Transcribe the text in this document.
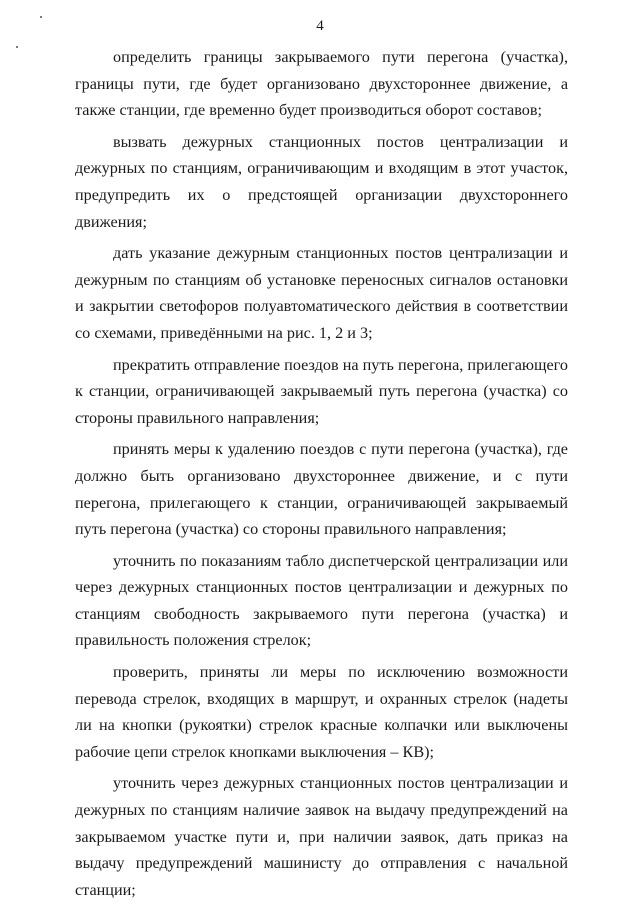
4

определить границы закрываемого пути перегона (участка), границы пути, где будет организовано двухстороннее движение, а также станции, где временно будет производиться оборот составов;

вызвать дежурных станционных постов централизации и дежурных по станциям, ограничивающим и входящим в этот участок, предупредить их о предстоящей организации двухстороннего движения;

дать указание дежурным станционных постов централизации и дежурным по станциям об установке переносных сигналов остановки и закрытии светофоров полуавтоматического действия в соответствии со схемами, приведёнными на рис. 1, 2 и 3;

прекратить отправление поездов на путь перегона, прилегающего к станции, ограничивающей закрываемый путь перегона (участка) со стороны правильного направления;

принять меры к удалению поездов с пути перегона (участка), где должно быть организовано двухстороннее движение, и с пути перегона, прилегающего к станции, ограничивающей закрываемый путь перегона (участка) со стороны правильного направления;

уточнить по показаниям табло диспетчерской централизации или через дежурных станционных постов централизации и дежурных по станциям свободность закрываемого пути перегона (участка) и правильность положения стрелок;

проверить, приняты ли меры по исключению возможности перевода стрелок, входящих в маршрут, и охранных стрелок (надеты ли на кнопки (рукоятки) стрелок красные колпачки или выключены рабочие цепи стрелок кнопками выключения – КВ);

уточнить через дежурных станционных постов централизации и дежурных по станциям наличие заявок на выдачу предупреждений на закрываемом участке пути и, при наличии заявок, дать приказ на выдачу предупреждений машинисту до отправления с начальной станции;
